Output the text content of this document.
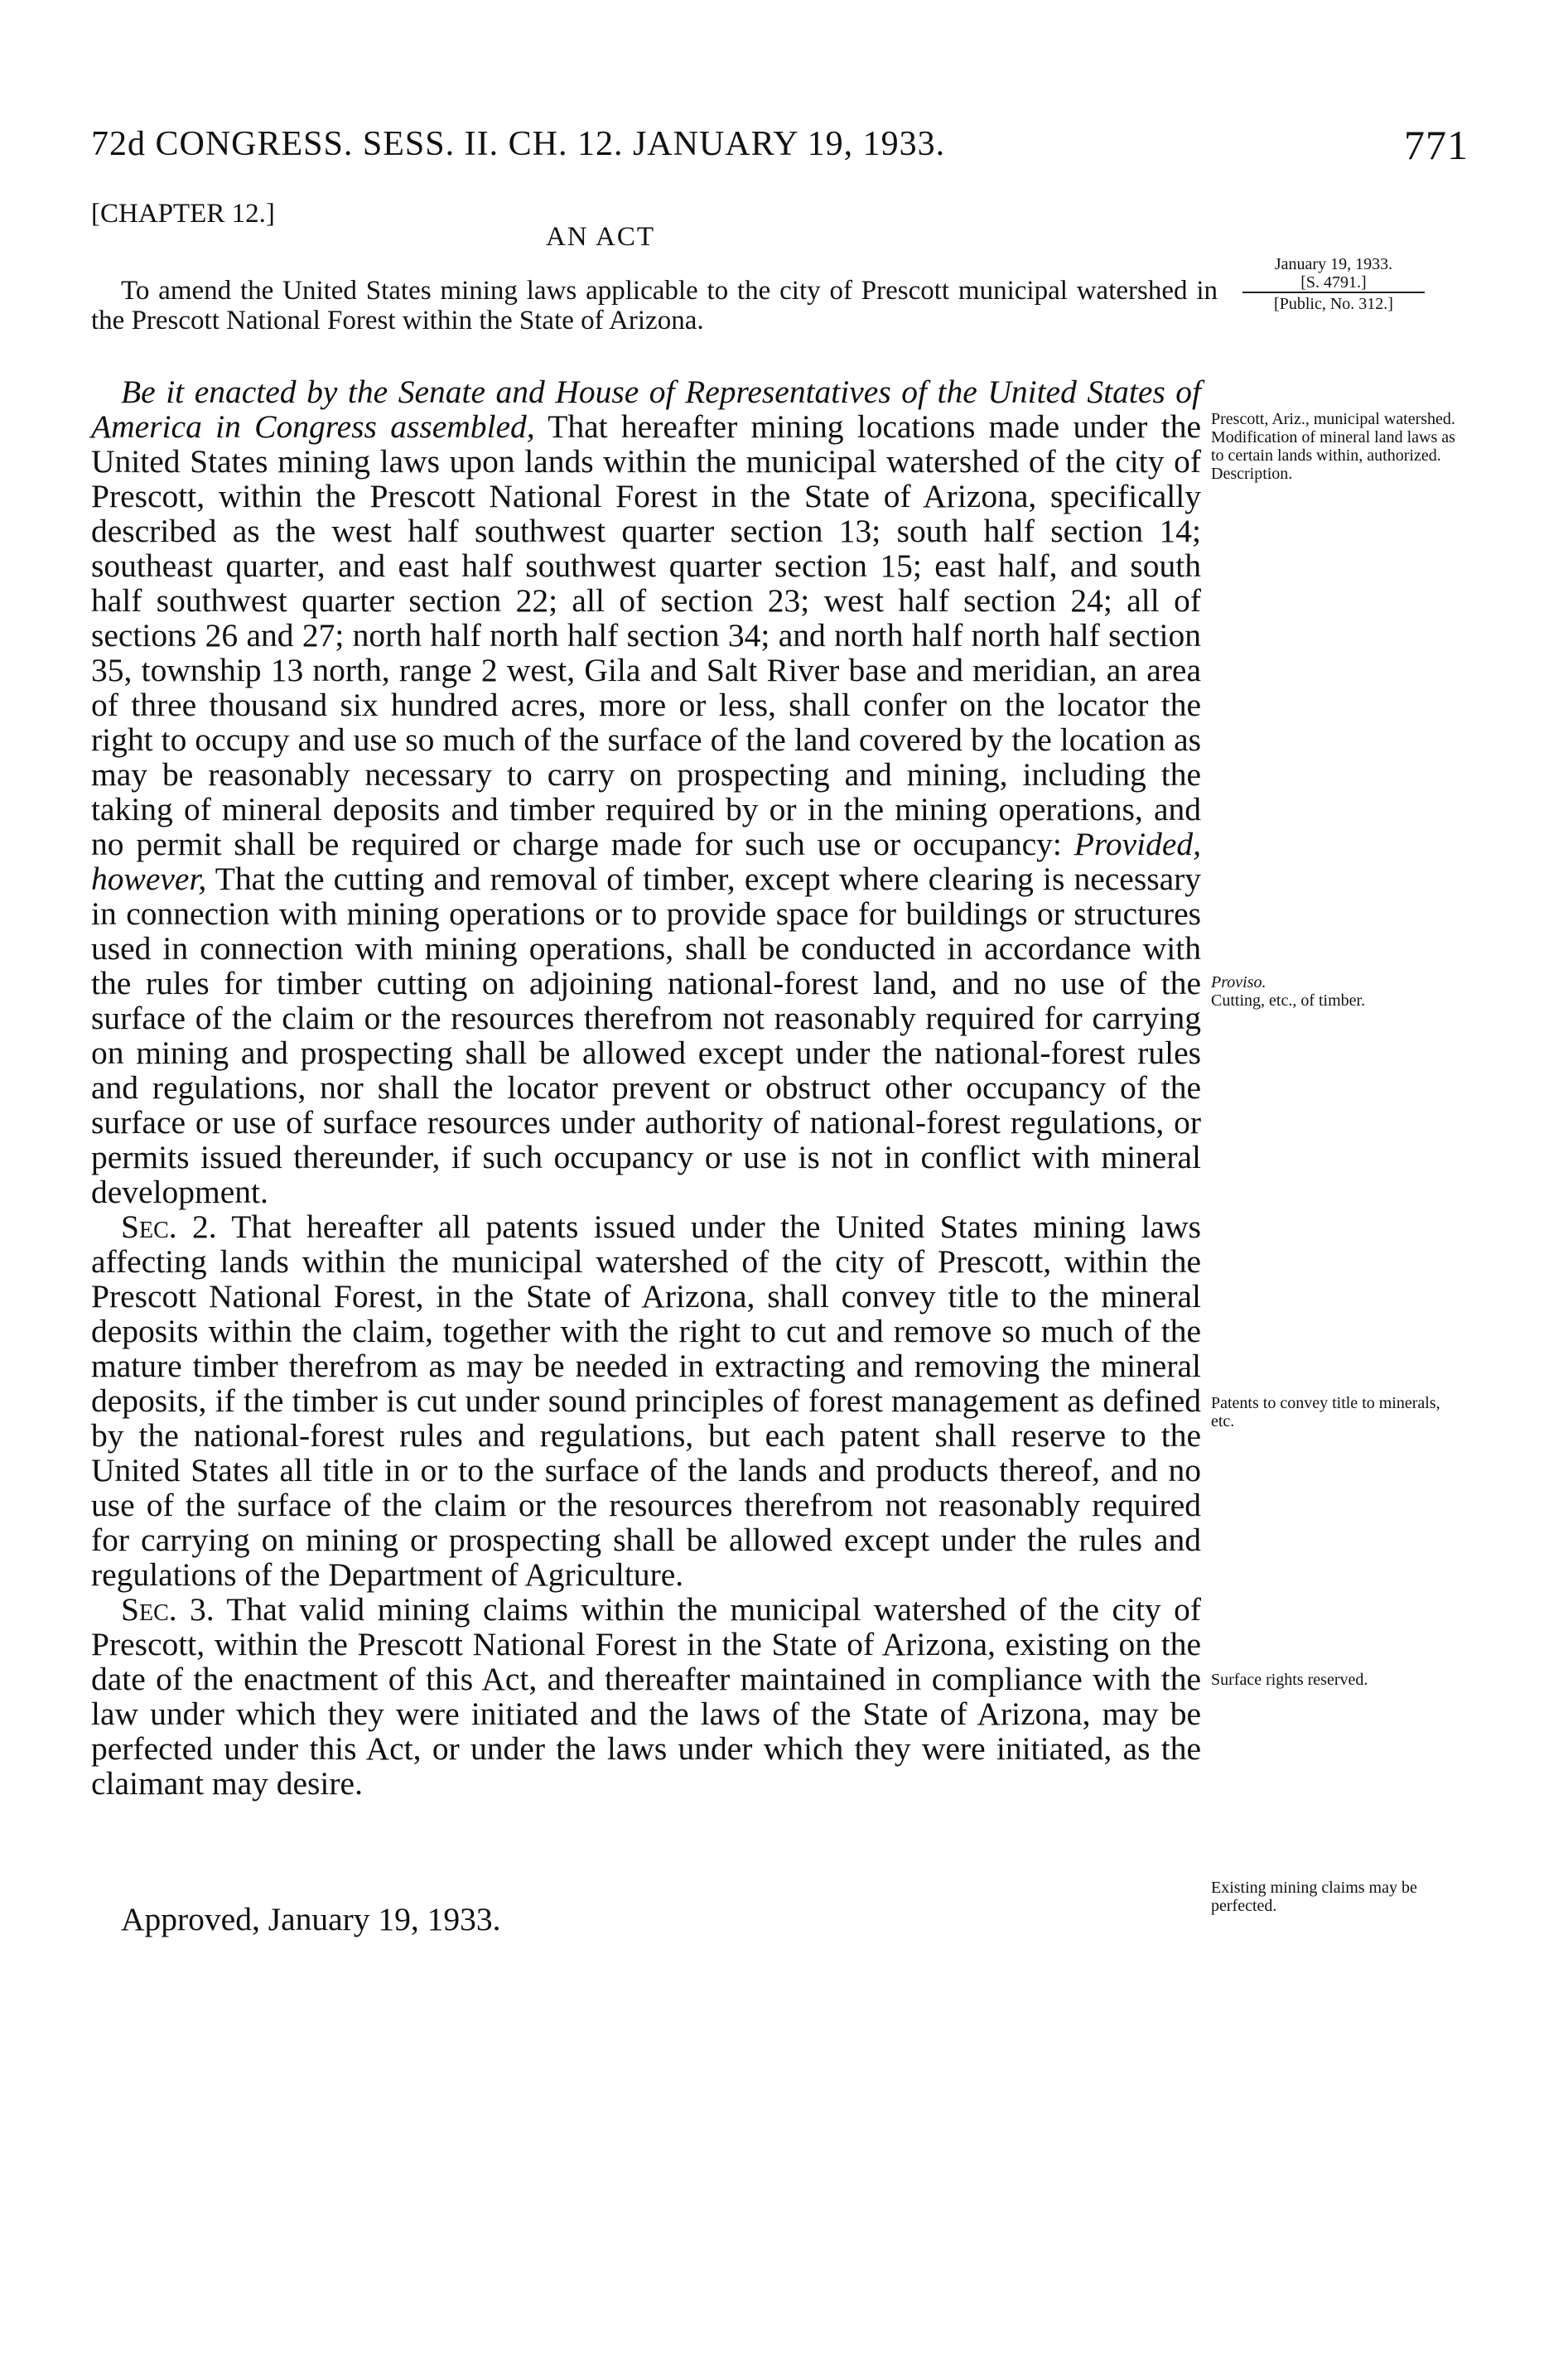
72d CONGRESS. SESS. II. CH. 12. JANUARY 19, 1933.	771
[CHAPTER 12.]
AN ACT
To amend the United States mining laws applicable to the city of Prescott municipal watershed in the Prescott National Forest within the State of Arizona.
January 19, 1933.
[S. 4791.]
[Public, No. 312.]

Be it enacted by the Senate and House of Representatives of the United States of America in Congress assembled, That hereafter mining locations made under the United States mining laws upon lands within the municipal watershed of the city of Prescott, within the Prescott National Forest in the State of Arizona, specifically described as the west half southwest quarter section 13; south half section 14; southeast quarter, and east half southwest quarter section 15; east half, and south half southwest quarter section 22; all of section 23; west half section 24; all of sections 26 and 27; north half north half section 34; and north half north half section 35, township 13 north, range 2 west, Gila and Salt River base and meridian, an area of three thousand six hundred acres, more or less, shall confer on the locator the right to occupy and use so much of the surface of the land covered by the location as may be reasonably necessary to carry on prospecting and mining, including the taking of mineral deposits and timber required by or in the mining operations, and no permit shall be required or charge made for such use or occupancy: Provided, however, That the cutting and removal of timber, except where clearing is necessary in connection with mining operations or to provide space for buildings or structures used in connection with mining operations, shall be conducted in accordance with the rules for timber cutting on adjoining national-forest land, and no use of the surface of the claim or the resources therefrom not reasonably required for carrying on mining and prospecting shall be allowed except under the national-forest rules and regulations, nor shall the locator prevent or obstruct other occupancy of the surface or use of surface resources under authority of national-forest regulations, or permits issued thereunder, if such occupancy or use is not in conflict with mineral development.

Sec. 2. That hereafter all patents issued under the United States mining laws affecting lands within the municipal watershed of the city of Prescott, within the Prescott National Forest, in the State of Arizona, shall convey title to the mineral deposits within the claim, together with the right to cut and remove so much of the mature timber therefrom as may be needed in extracting and removing the mineral deposits, if the timber is cut under sound principles of forest management as defined by the national-forest rules and regulations, but each patent shall reserve to the United States all title in or to the surface of the lands and products thereof, and no use of the surface of the claim or the resources therefrom not reasonably required for carrying on mining or prospecting shall be allowed except under the rules and regulations of the Department of Agriculture.

Sec. 3. That valid mining claims within the municipal watershed of the city of Prescott, within the Prescott National Forest in the State of Arizona, existing on the date of the enactment of this Act, and thereafter maintained in compliance with the law under which they were initiated and the laws of the State of Arizona, may be perfected under this Act, or under the laws under which they were initiated, as the claimant may desire.

Approved, January 19, 1933.
Prescott, Ariz., municipal watershed.
Modification of mineral land laws as to certain lands within, authorized.
Description.
Proviso.
Cutting, etc., of timber.
Patents to convey title to minerals, etc.
Surface rights reserved.
Existing mining claims may be perfected.
